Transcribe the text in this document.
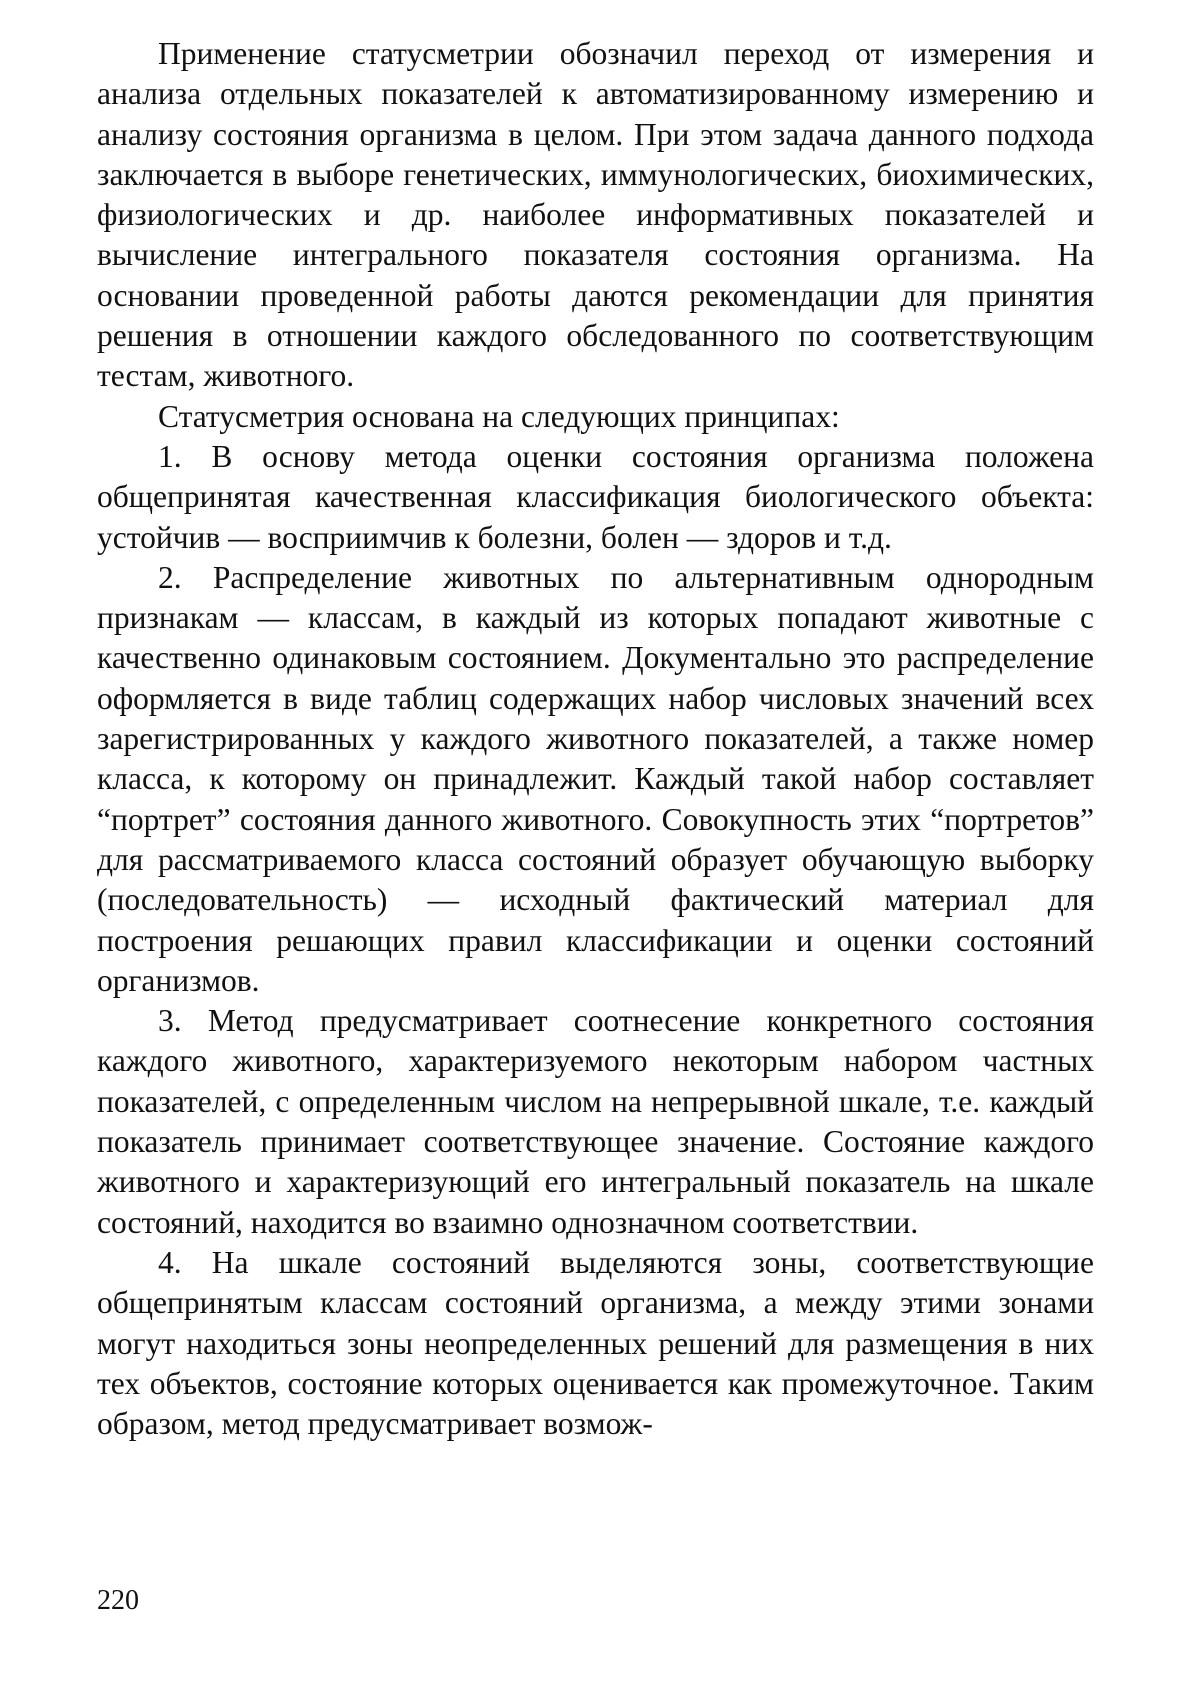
Применение статусметрии обозначил переход от измерения и анализа отдельных показателей к автоматизированному измерению и анализу состояния организма в целом. При этом задача данного подхода заключается в выборе генетических, иммунологических, биохимических, физиологических и др. наиболее информативных показателей и вычисление интегрального показателя состояния организма. На основании проведенной работы даются рекомендации для принятия решения в отношении каждого обследованного по соответствующим тестам, животного.

Статусметрия основана на следующих принципах:

1. В основу метода оценки состояния организма положена общепринятая качественная классификация биологического объекта: устойчив — восприимчив к болезни, болен — здоров и т.д.

2. Распределение животных по альтернативным однородным признакам — классам, в каждый из которых попадают животные с качественно одинаковым состоянием. Документально это распределение оформляется в виде таблиц содержащих набор числовых значений всех зарегистрированных у каждого животного показателей, а также номер класса, к которому он принадлежит. Каждый такой набор составляет “портрет” состояния данного животного. Совокупность этих “портретов” для рассматриваемого класса состояний образует обучающую выборку (последовательность) — исходный фактический материал для построения решающих правил классификации и оценки состояний организмов.

3. Метод предусматривает соотнесение конкретного состояния каждого животного, характеризуемого некоторым набором частных показателей, с определенным числом на непрерывной шкале, т.е. каждый показатель принимает соответствующее значение. Состояние каждого животного и характеризующий его интегральный показатель на шкале состояний, находится во взаимно однозначном соответствии.

4. На шкале состояний выделяются зоны, соответствующие общепринятым классам состояний организма, а между этими зонами могут находиться зоны неопределенных решений для размещения в них тех объектов, состояние которых оценивается как промежуточное. Таким образом, метод предусматривает возмож-

220
